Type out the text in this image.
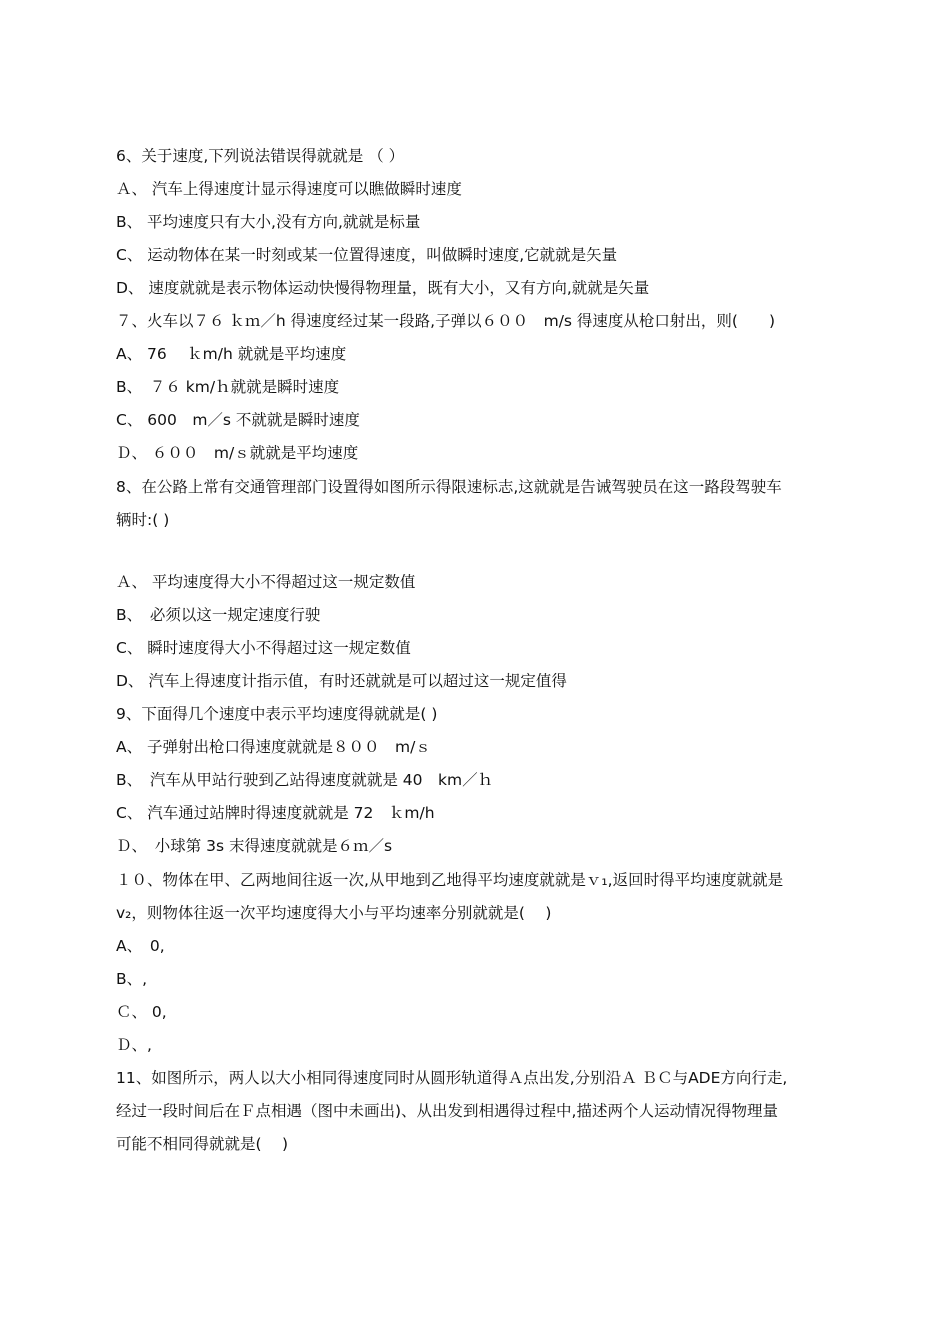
6、关于速度,下列说法错误得就就是 （ ）
Ａ、 汽车上得速度计显示得速度可以瞧做瞬时速度
B、 平均速度只有大小,没有方向,就就是标量
C、 运动物体在某一时刻或某一位置得速度，叫做瞬时速度,它就就是矢量
D、 速度就就是表示物体运动快慢得物理量，既有大小，又有方向,就就是矢量
７、火车以７６ ｋｍ／h 得速度经过某一段路,子弹以６００　m/s 得速度从枪口射出，则(　　)
A、 76　 ｋm/h 就就是平均速度
B、　７６ km/ｈ就就是瞬时速度
C、 600　m／s 不就就是瞬时速度
Ｄ、 ６００　m/ｓ就就是平均速度
8、在公路上常有交通管理部门设置得如图所示得限速标志,这就就是告诫驾驶员在这一路段驾驶车
辆时:( )
Ａ、 平均速度得大小不得超过这一规定数值
B、　必须以这一规定速度行驶
C、 瞬时速度得大小不得超过这一规定数值
D、 汽车上得速度计指示值，有时还就就是可以超过这一规定值得
9、下面得几个速度中表示平均速度得就就是( )
A、 子弹射出枪口得速度就就是８００　m/ｓ
B、　汽车从甲站行驶到乙站得速度就就是 40　km／ｈ
C、 汽车通过站牌时得速度就就是 72　ｋm/h
Ｄ、　小球第 3s 末得速度就就是６ｍ／s
１０、物体在甲、乙两地间往返一次,从甲地到乙地得平均速度就就是ｖ₁,返回时得平均速度就就是
v₂，则物体往返一次平均速度得大小与平均速率分别就就是(　 )
A、　0,
B、,
Ｃ、 0,
Ｄ、,
11、如图所示，两人以大小相同得速度同时从圆形轨道得Ａ点出发,分别沿Ａ ＢＣ与ADE方向行走,
经过一段时间后在Ｆ点相遇（图中未画出)、从出发到相遇得过程中,描述两个人运动情况得物理量
可能不相同得就就是(　 )
